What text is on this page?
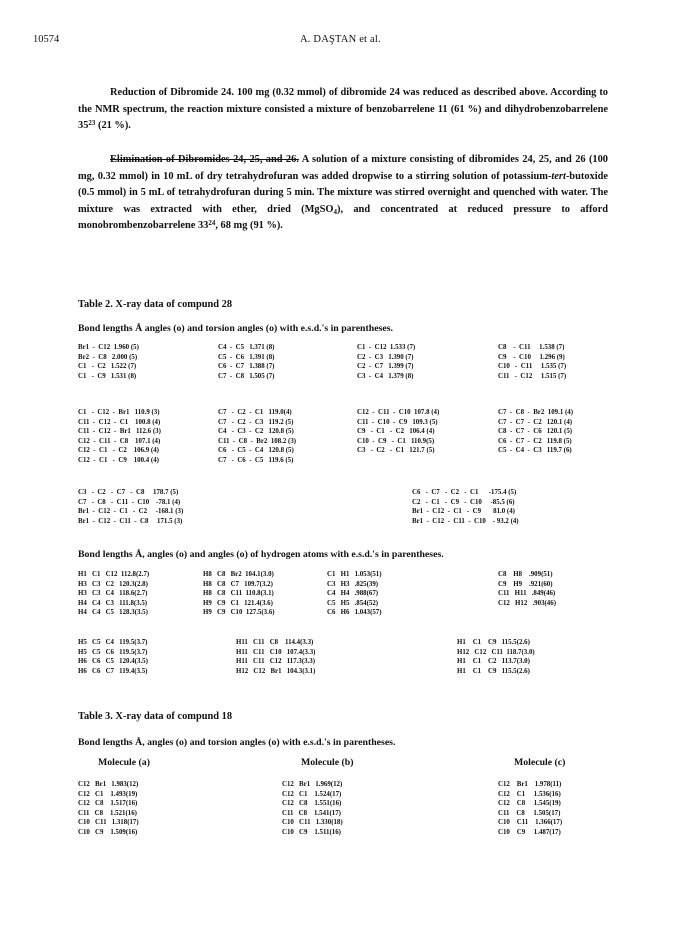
10574	A. DAŞTAN et al.
Reduction of Dibromide 24. 100 mg (0.32 mmol) of dibromide 24 was reduced as described above. According to the NMR spectrum, the reaction mixture consisted a mixture of benzobarrelene 11 (61 %) and dihydrobenzobarrelene $35^{23}$ (21 %).
Elimination of Dibromides 24, 25, and 26. A solution of a mixture consisting of dibromides 24, 25, and 26 (100 mg, 0.32 mmol) in 10 mL of dry tetrahydrofuran was added dropwise to a stirring solution of potassium-tert-butoxide (0.5 mmol) in 5 mL of tetrahydrofuran during 5 min. The mixture was stirred overnight and quenched with water. The mixture was extracted with ether, dried (MgSO$_4$), and concentrated at reduced pressure to afford monobrombenzobarrelene $33^{24}$, 68 mg (91 %).
Table 2. X-ray data of compund 28
Bond lengths Å angles (o) and torsion angles (o) with e.s.d.'s in parentheses.
Br1  -  C12  1.960 (5)
Br2  -  C8   2.000 (5)
C1   -  C2   1.522 (7)
C1   -  C9   1.531 (8)
C4  -  C5   1.371 (8)
C5  -  C6   1.391 (8)
C6  -  C7   1.388 (7)
C7  -  C8   1.505 (7)
C1  -  C12  1.533 (7)
C2  -  C3   1.390 (7)
C2  -  C7   1.399 (7)
C3  -  C4   1.379 (8)
C8    -  C11     1.538 (7)
C9    -  C10     1.296 (9)
C10   -  C11     1.535 (7)
C11   -  C12     1.515 (7)
C1   -  C12  -  Br1   110.9 (3)
C11  -  C12  -  C1    100.8 (4)
C11  -  C12  -  Br1   112.6 (3)
C12  -  C11  -  C8    107.1 (4)
C12  -  C1   -  C2    106.9 (4)
C12  -  C1   -  C9    100.4 (4)
C7   -  C2  -  C1   119.0(4)
C7   -  C2  -  C3   119.2 (5)
C4   -  C3  -  C2   120.8 (5)
C11  -  C8  -  Br2  108.2 (3)
C6   -  C5  -  C4   120.8 (5)
C7   -  C6  -  C5   119.6 (5)
C12  -  C11  -  C10  107.8 (4)
C11  -  C10  -  C9   109.3 (5)
C9   -  C1   -  C2   106.4 (4)
C10  -  C9   -  C1   110.9(5)
C3   -  C2   -  C1   121.7 (5)
C7  -  C8  -  Br2  109.1 (4)
C7  -  C7  -  C2   120.1 (4)
C8  -  C7  -  C6   120.1 (5)
C6  -  C7  -  C2   119.8 (5)
C5  -  C4  -  C3   119.7 (6)
C3   -  C2   -  C7   -  C8     178.7 (5)
C7   -  C8   -  C11  -  C10    -78.1 (4)
Br1  -  C12  -  C1   -  C2     -168.1 (3)
Br1  -  C12  -  C11  -  C8     171.5 (3)
C6   -  C7   -  C2   -  C1      -175.4 (5)
C2   -  C1   -  C9   -  C10     -85.5 (6)
Br1  -  C12  -  C1   -  C9       81.0 (4)
Br1  -  C12  -  C11  -  C10    - 93.2 (4)
Bond lengths Å, angles (o) and angles (o) of hydrogen atoms with e.s.d.'s in parentheses.
H1   C1   C12  112.8(2.7)
H3   C3   C2   120.3(2.8)
H3   C3   C4   118.6(2.7)
H4   C4   C3   111.8(3.5)
H4   C4   C5   128.3(3.5)
H8   C8   Br2  104.1(3.0)
H8   C8   C7   109.7(3.2)
H8   C8   C11  110.8(3.1)
H9   C9   C1   121.4(3.6)
H9   C9   C10  127.5(3.6)
C1   H1   1.053(51)
C3   H3   .825(39)
C4   H4   .988(67)
C5   H5   .854(52)
C6   H6   1.043(57)
C8    H8    .909(51)
C9    H9    .921(60)
C11   H11   .849(46)
C12   H12   .903(46)
H5   C5   C4   119.5(3.7)
H5   C5   C6   119.5(3.7)
H6   C6   C5   120.4(3.5)
H6   C6   C7   119.4(3.5)
H11   C11   C8    114.4(3.3)
H11   C11   C10   107.4(3.3)
H11   C11   C12   117.3(3.3)
H12   C12   Br1   104.3(3.1)
H1    C1    C9   115.5(2.6)
H12   C12   C11  118.7(3.0)
H1    C1    C2   113.7(3.0)
H1    C1    C9   115.5(2.6)
Table 3. X-ray data of compund 18
Bond lengths Å, angles (o) and torsion angles (o) with e.s.d.'s in parentheses.
Molecule (a)	Molecule (b)	Molecule (c)
C12   Br1   1.983(12)
C12   C1    1.493(19)
C12   C8    1.517(16)
C11   C8    1.521(16)
C10   C11   1.318(17)
C10   C9    1.509(16)
C12   Br1   1.969(12)
C12   C1    1.524(17)
C12   C8    1.551(16)
C11   C8    1.541(17)
C10   C11   1.330(18)
C10   C9    1.511(16)
C12    Br1    1.978(11)
C12    C1     1.536(16)
C12    C8     1.545(19)
C11    C8     1.505(17)
C10    C11    1.366(17)
C10    C9     1.487(17)
